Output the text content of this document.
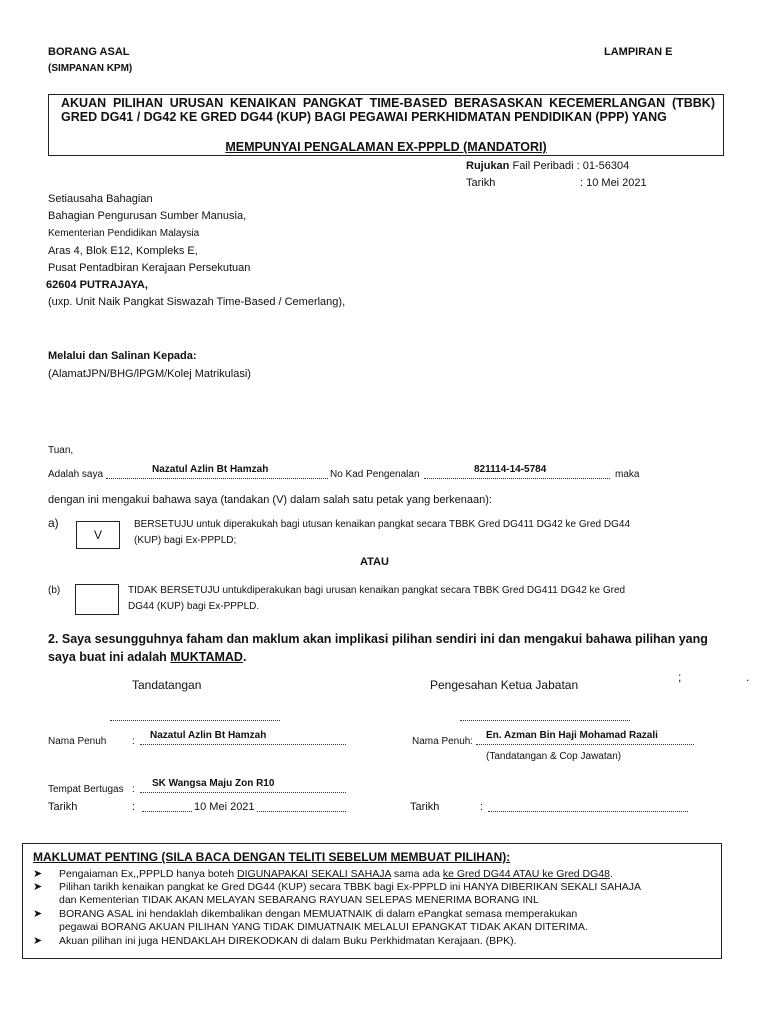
BORANG ASAL
(SIMPANAN KPM)
LAMPIRAN E
AKUAN PILIHAN URUSAN KENAIKAN PANGKAT TIME-BASED BERASASKAN KECEMERLANGAN (TBBK) GRED DG41 / DG42 KE GRED DG44 (KUP) BAGI PEGAWAI PERKHIDMATAN PENDIDIKAN (PPP) YANG
MEMPUNYAI PENGALAMAN EX-PPPLD (MANDATORI)
Rujukan Fail Peribadi : 01-56304
Tarikh	: 10 Mei 2021
Setiausaha Bahagian
Bahagian Pengurusan Sumber Manusia,
Kementerian Pendidikan Malaysia
Aras 4, Blok E12, Kompleks E,
Pusat Pentadbiran Kerajaan Persekutuan
62604 PUTRAJAYA,
(uxp. Unit Naik Pangkat Siswazah Time-Based / Cemerlang),
Melalui dan Salinan Kepada:
(AlamatJPN/BHG/lPGM/Kolej Matrikulasi)
Tuan,
Adalah saya	Nazatul Azlin Bt Hamzah	No Kad Pengenalan	821114-14-5784	maka
dengan ini mengakui bahawa saya (tandakan (V) dalam salah satu petak yang berkenaan):
a)
V
BERSETUJU untuk diperakukah bagi utusan kenaikan pangkat secara TBBK Gred DG411 DG42 ke Gred DG44
(KUP) bagi Ex-PPPLD;
ATAU
(b)	TIDAK BERSETUJU untukdiperakukan bagi urusan kenaikan pangkat secara TBBK Gred DG411 DG42 ke Gred
DG44 (KUP) bagi Ex-PPPLD.
2. Saya sesungguhnya faham dan maklum akan implikasi pilihan sendiri ini dan mengakui bahawa pilihan yang
saya buat ini adalah MUKTAMAD.
Tandatangan	Pengesahan Ketua Jabatan
;	.
Nama Penuh	:
Nazatul Azlin Bt Hamzah
Nama Penuh :
En. Azman Bin Haji Mohamad Razali
(Tandatangan & Cop Jawatan)
Tempat Bertugas :
SK Wangsa Maju Zon R10
Tarikh	:	10 Mei 2021	Tarikh	:
MAKLUMAT PENTING (SILA BACA DENGAN TELITI SEBELUM MEMBUAT PILIHAN):
➤ Pengaiaman Ex,,PPPLD hanya boteh DIGUNAPAKAI SEKALI SAHAJA sama ada ke Gred DG44 ATAU ke Gred DG48.
➤ Pilihan tarikh kenaikan pangkat ke Gred DG44 (KUP) secara TBBK bagi Ex-PPPLD ini HANYA DIBERIKAN SEKALI SAHAJA
dan Kementerian TIDAK AKAN MELAYAN SEBARANG RAYUAN SELEPAS MENERIMA BORANG INL
➤ BORANG ASAL ini hendaklah dikembalikan dengan MEMUATNAIK di dalam ePangkat semasa memperakukan
pegawai BORANG AKUAN PILIHAN YANG TIDAK DIMUATNAIK MELALUI EPANGKAT TIDAK AKAN DITERIMA.
➤ Akuan pilihan ini juga HENDAKLAH DIREKODKAN di dalam Buku Perkhidmatan Kerajaan. (BPK).
